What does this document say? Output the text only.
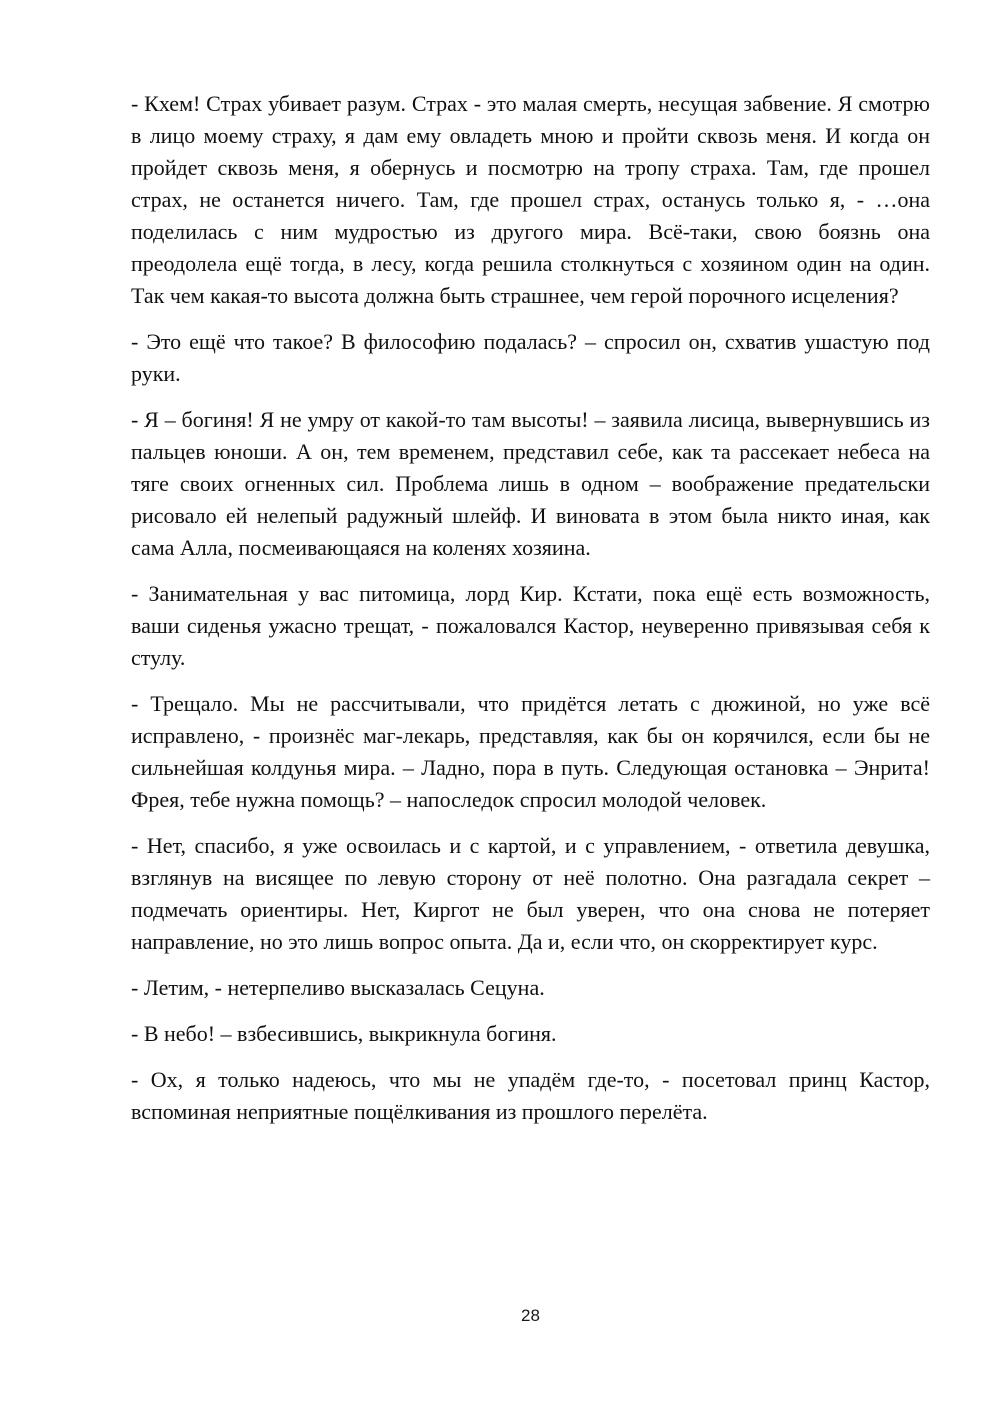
- Кхем! Страх убивает разум. Страх - это малая смерть, несущая забвение. Я смотрю в лицо моему страху, я дам ему овладеть мною и пройти сквозь меня. И когда он пройдет сквозь меня, я обернусь и посмотрю на тропу страха. Там, где прошел страх, не останется ничего. Там, где прошел страх, останусь только я, - …она поделилась с ним мудростью из другого мира. Всё-таки, свою боязнь она преодолела ещё тогда, в лесу, когда решила столкнуться с хозяином один на один. Так чем какая-то высота должна быть страшнее, чем герой порочного исцеления?

- Это ещё что такое? В философию подалась? – спросил он, схватив ушастую под руки.

- Я – богиня! Я не умру от какой-то там высоты! – заявила лисица, вывернувшись из пальцев юноши. А он, тем временем, представил себе, как та рассекает небеса на тяге своих огненных сил. Проблема лишь в одном – воображение предательски рисовало ей нелепый радужный шлейф. И виновата в этом была никто иная, как сама Алла, посмеивающаяся на коленях хозяина.

- Занимательная у вас питомица, лорд Кир. Кстати, пока ещё есть возможность, ваши сиденья ужасно трещат, - пожаловался Кастор, неуверенно привязывая себя к стулу.

- Трещало. Мы не рассчитывали, что придётся летать с дюжиной, но уже всё исправлено, - произнёс маг-лекарь, представляя, как бы он корячился, если бы не сильнейшая колдунья мира. – Ладно, пора в путь. Следующая остановка – Энрита! Фрея, тебе нужна помощь? – напоследок спросил молодой человек.

- Нет, спасибо, я уже освоилась и с картой, и с управлением, - ответила девушка, взглянув на висящее по левую сторону от неё полотно. Она разгадала секрет – подмечать ориентиры. Нет, Киргот не был уверен, что она снова не потеряет направление, но это лишь вопрос опыта. Да и, если что, он скорректирует курс.

- Летим, - нетерпеливо высказалась Сецуна.

- В небо! – взбесившись, выкрикнула богиня.

- Ох, я только надеюсь, что мы не упадём где-то, - посетовал принц Кастор, вспоминая неприятные пощёлкивания из прошлого перелёта.

28
